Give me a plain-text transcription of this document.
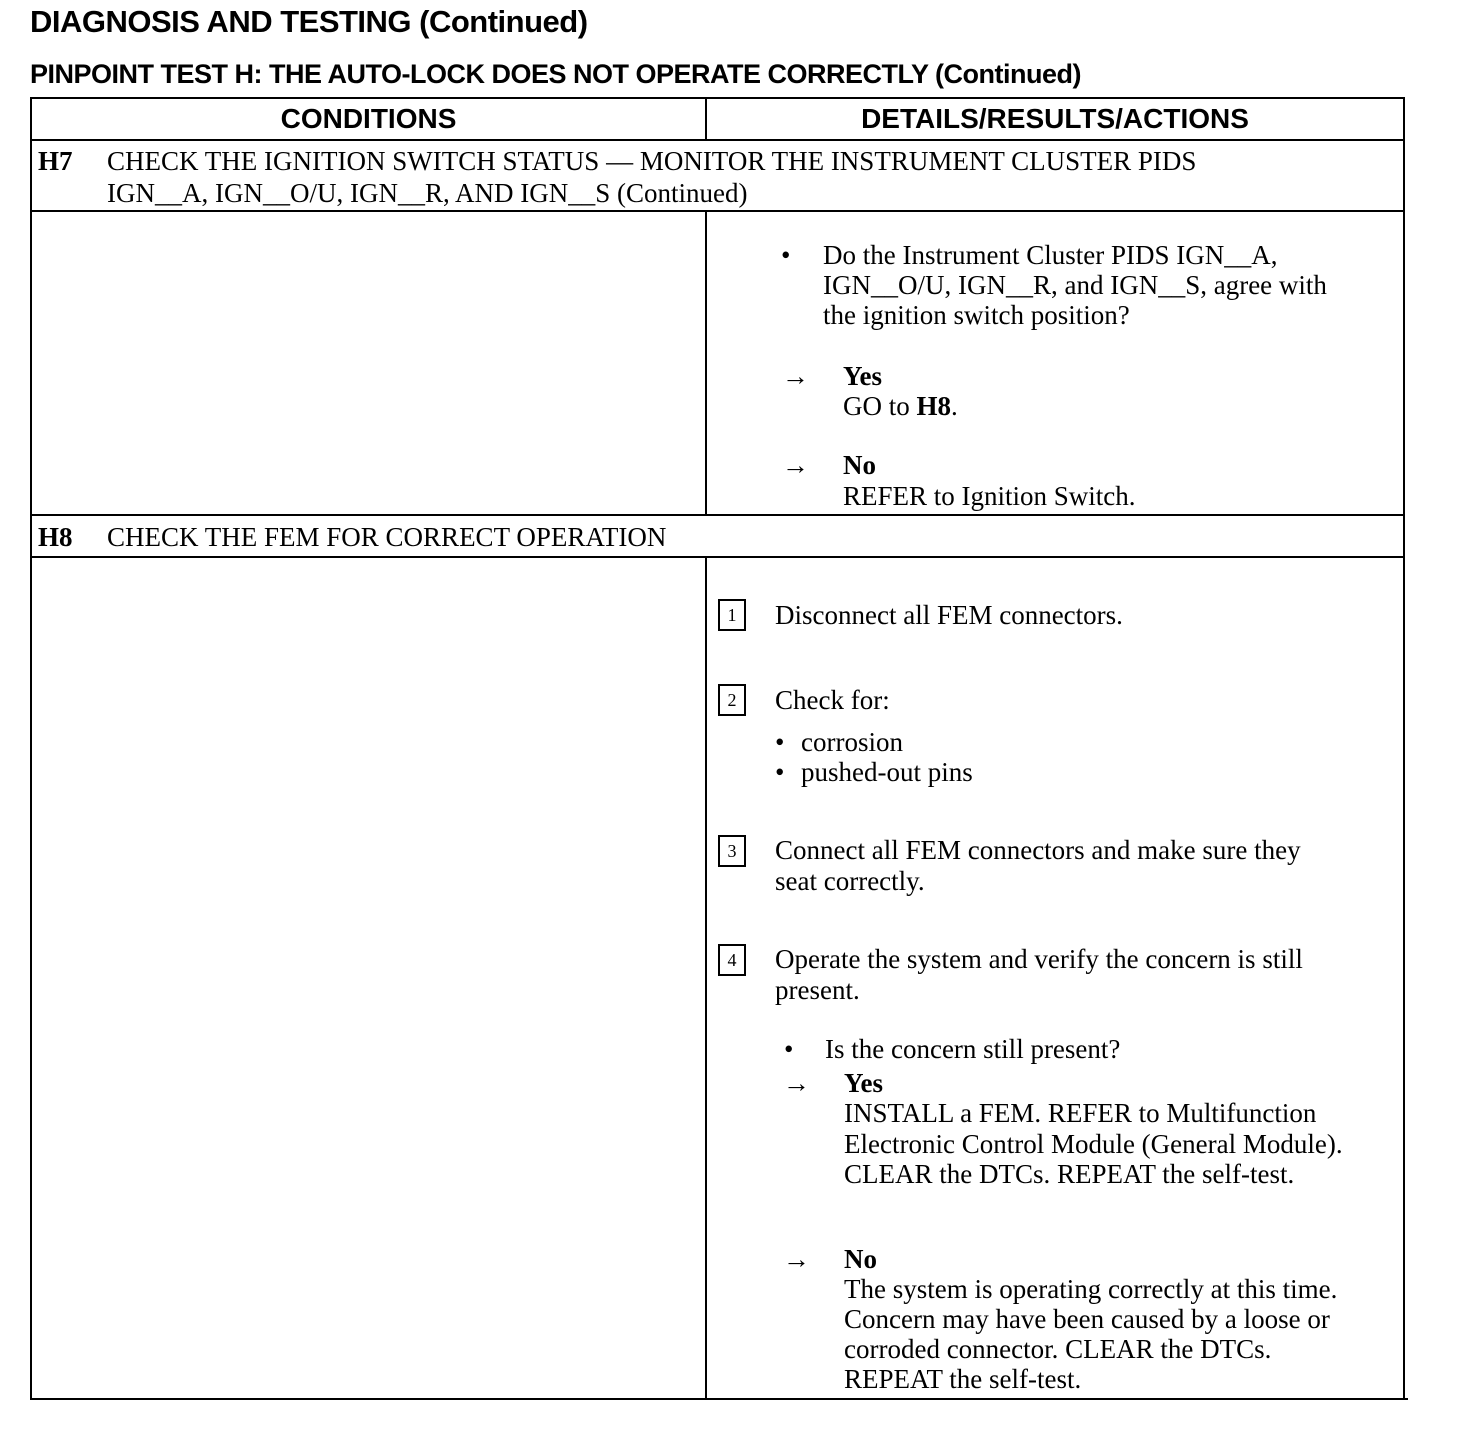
DIAGNOSIS AND TESTING (Continued)
PINPOINT TEST H: THE AUTO-LOCK DOES NOT OPERATE CORRECTLY (Continued)
CONDITIONS	DETAILS/RESULTS/ACTIONS
H7 CHECK THE IGNITION SWITCH STATUS — MONITOR THE INSTRUMENT CLUSTER PIDS
IGN__A, IGN__O/U, IGN__R, AND IGN__S (Continued)
• Do the Instrument Cluster PIDS IGN__A,
IGN__O/U, IGN__R, and IGN__S, agree with
the ignition switch position?
→ Yes
GO to H8.
→ No
REFER to Ignition Switch.
H8 CHECK THE FEM FOR CORRECT OPERATION
1	Disconnect all FEM connectors.
2	Check for:
• corrosion
• pushed-out pins
3	Connect all FEM connectors and make sure they
seat correctly.
4	Operate the system and verify the concern is still
present.
• Is the concern still present?
→ Yes
INSTALL a FEM. REFER to Multifunction
Electronic Control Module (General Module).
CLEAR the DTCs. REPEAT the self-test.
→ No
The system is operating correctly at this time.
Concern may have been caused by a loose or
corroded connector. CLEAR the DTCs.
REPEAT the self-test.
